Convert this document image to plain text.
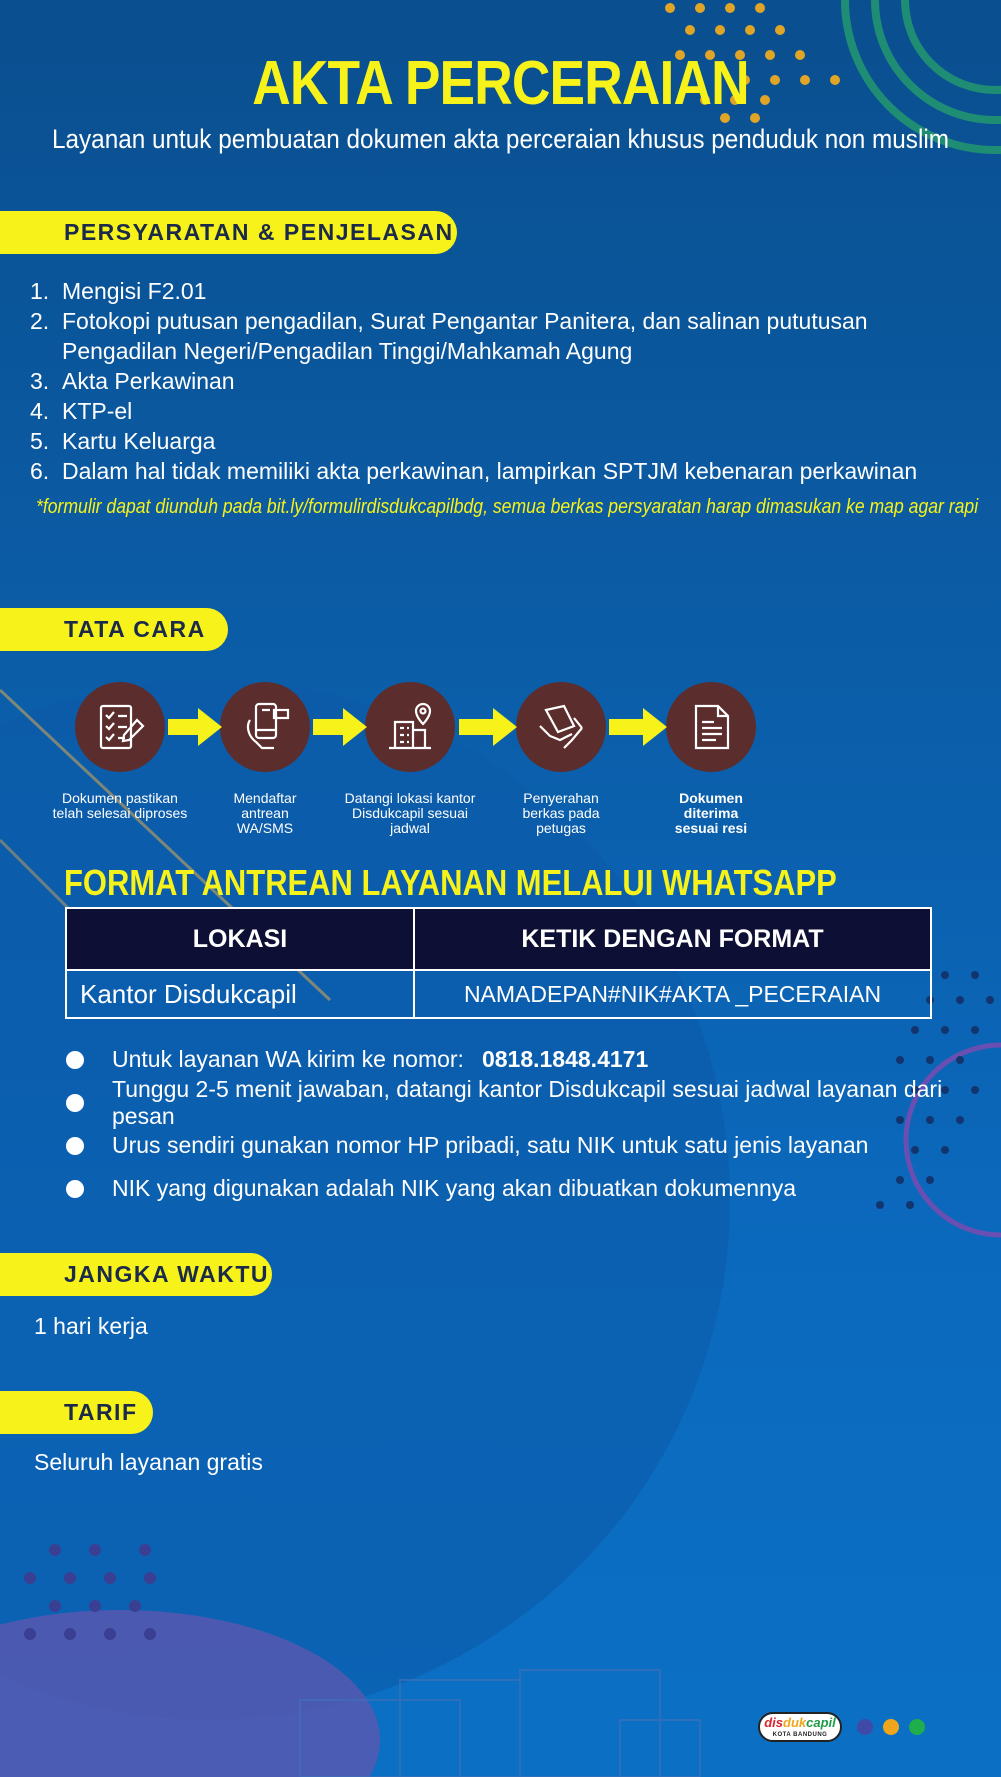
AKTA PERCERAIAN
Layanan untuk pembuatan dokumen akta perceraian khusus penduduk non muslim
PERSYARATAN & PENJELASAN
1. Mengisi F2.01
2. Fotokopi putusan pengadilan, Surat Pengantar Panitera, dan salinan pututusan Pengadilan Negeri/Pengadilan Tinggi/Mahkamah Agung
3. Akta Perkawinan
4. KTP-el
5. Kartu Keluarga
6. Dalam hal tidak memiliki akta perkawinan, lampirkan SPTJM kebenaran perkawinan
*formulir dapat diunduh pada bit.ly/formulirdisdukcapilbdg, semua berkas persyaratan harap dimasukan ke map agar rapi
TATA CARA
Dokumen pastikan telah selesai diproses
Mendaftar antrean WA/SMS
Datangi lokasi kantor Disdukcapil sesuai jadwal
Penyerahan berkas pada petugas
Dokumen diterima sesuai resi
FORMAT ANTREAN LAYANAN MELALUI WHATSAPP
LOKASI	KETIK DENGAN FORMAT
Kantor Disdukcapil	NAMADEPAN#NIK#AKTA _PECERAIAN
Untuk layanan WA kirim ke nomor: 0818.1848.4171
Tunggu 2-5 menit jawaban, datangi kantor Disdukcapil sesuai jadwal layanan dari pesan
Urus sendiri gunakan nomor HP pribadi, satu NIK untuk satu jenis layanan
NIK yang digunakan adalah NIK yang akan dibuatkan dokumennya
JANGKA WAKTU
1 hari kerja
TARIF
Seluruh layanan gratis
disdukcapil
KOTA BANDUNG
